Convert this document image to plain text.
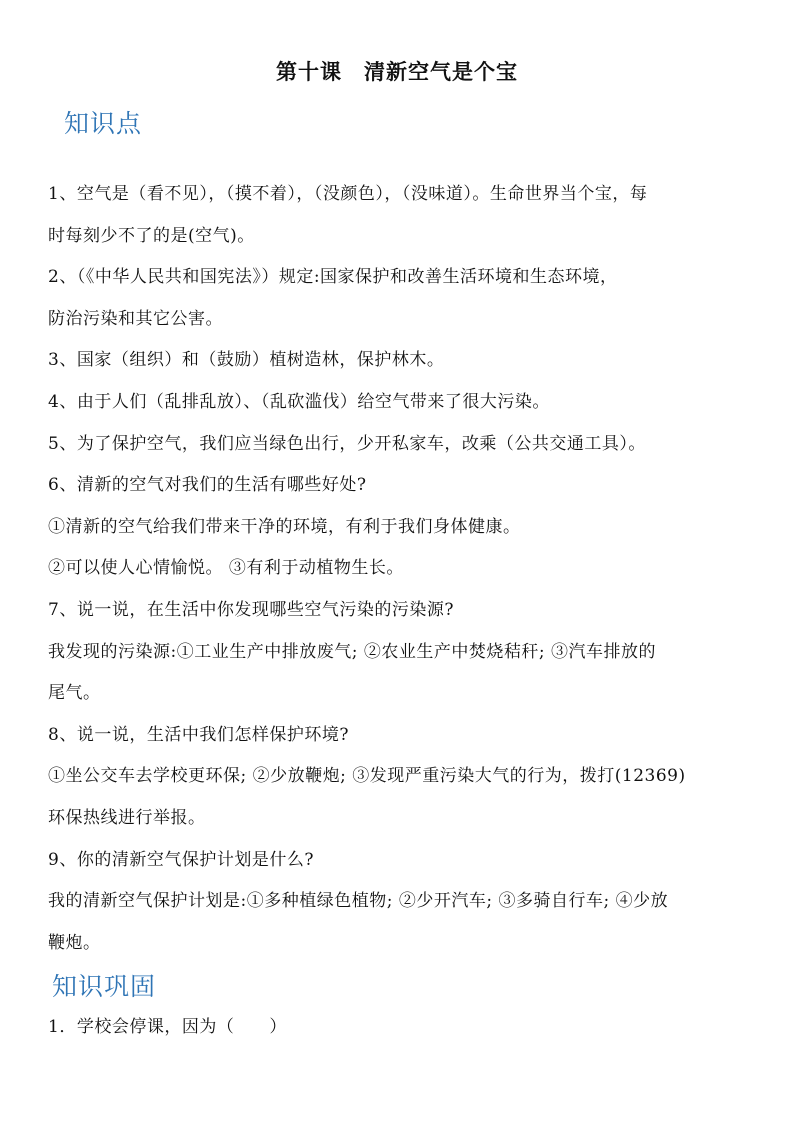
第十课　清新空气是个宝
知识点
1、空气是（看不见），（摸不着），（没颜色），（没味道）。生命世界当个宝，每
时每刻少不了的是(空气)。
2、（《中华人民共和国宪法》）规定:国家保护和改善生活环境和生态环境，
防治污染和其它公害。
3、国家（组织）和（鼓励）植树造林，保护林木。
4、由于人们（乱排乱放）、（乱砍滥伐）给空气带来了很大污染。
5、为了保护空气，我们应当绿色出行，少开私家车，改乘（公共交通工具）。
6、清新的空气对我们的生活有哪些好处?
①清新的空气给我们带来干净的环境，有利于我们身体健康。
②可以使人心情愉悦。 ③有利于动植物生长。
7、说一说，在生活中你发现哪些空气污染的污染源?
我发现的污染源:①工业生产中排放废气; ②农业生产中焚烧秸秆; ③汽车排放的
尾气。
8、说一说，生活中我们怎样保护环境?
①坐公交车去学校更环保; ②少放鞭炮; ③发现严重污染大气的行为，拨打(12369)
环保热线进行举报。
9、你的清新空气保护计划是什么?
我的清新空气保护计划是:①多种植绿色植物; ②少开汽车; ③多骑自行车; ④少放
鞭炮。
知识巩固
1．学校会停课，因为（　　）
